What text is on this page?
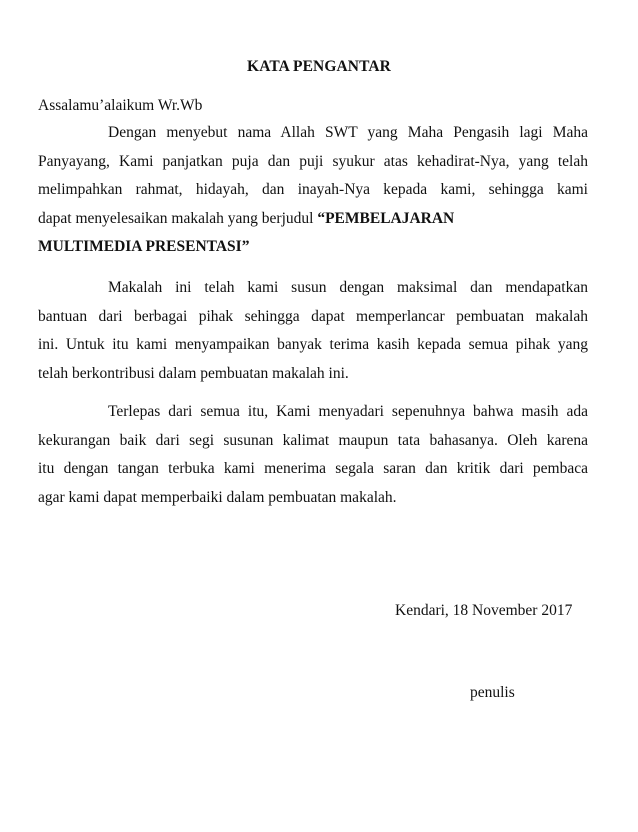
KATA PENGANTAR
Assalamu’alaikum Wr.Wb
Dengan menyebut nama Allah SWT yang Maha Pengasih lagi Maha
Panyayang, Kami panjatkan puja dan puji syukur atas kehadirat-Nya, yang telah
melimpahkan rahmat, hidayah, dan inayah-Nya kepada kami, sehingga kami
dapat menyelesaikan makalah yang berjudul “PEMBELAJARAN
MULTIMEDIA PRESENTASI”
Makalah ini telah kami susun dengan maksimal dan mendapatkan
bantuan dari berbagai pihak sehingga dapat memperlancar pembuatan makalah
ini. Untuk itu kami menyampaikan banyak terima kasih kepada semua pihak yang
telah berkontribusi dalam pembuatan makalah ini.
Terlepas dari semua itu, Kami menyadari sepenuhnya bahwa masih ada
kekurangan baik dari segi susunan kalimat maupun tata bahasanya. Oleh karena
itu dengan tangan terbuka kami menerima segala saran dan kritik dari pembaca
agar kami dapat memperbaiki dalam pembuatan makalah.
Kendari, 18 November 2017
penulis
